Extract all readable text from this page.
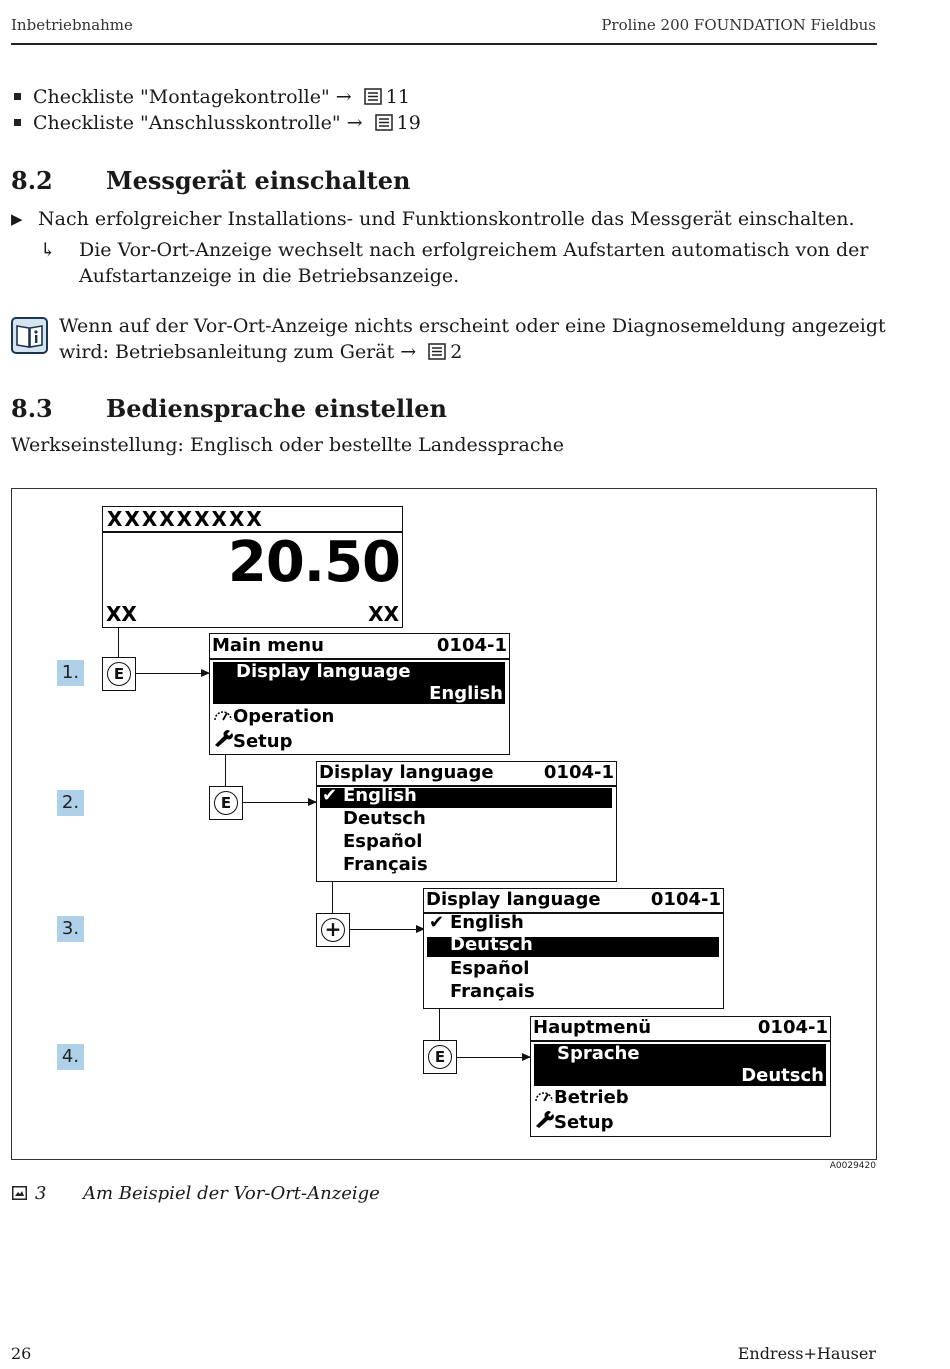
Inbetriebnahme	Proline 200 FOUNDATION Fieldbus
Checkliste "Montagekontrolle" → 11
Checkliste "Anschlusskontrolle" → 19
8.2 Messgerät einschalten
▶ Nach erfolgreicher Installations- und Funktionskontrolle das Messgerät einschalten.
↳ Die Vor-Ort-Anzeige wechselt nach erfolgreichem Aufstarten automatisch von der
Aufstartanzeige in die Betriebsanzeige.
Wenn auf der Vor-Ort-Anzeige nichts erscheint oder eine Diagnosemeldung angezeigt
wird: Betriebsanleitung zum Gerät → 2
8.3 Bediensprache einstellen
Werkseinstellung: Englisch oder bestellte Landessprache
XXXXXXXXX
20.50
XX	XX
1.
2.
3.
4.
E
E
+
E
Main menu	0104-1
Display language
English
Operation
Setup
Display language	0104-1
✔ English
Deutsch
Español
Français
Display language	0104-1
✔ English
Deutsch
Español
Français
Hauptmenü	0104-1
Sprache
Deutsch
Betrieb
Setup
A0029420
3 Am Beispiel der Vor-Ort-Anzeige
26	Endress+Hauser
